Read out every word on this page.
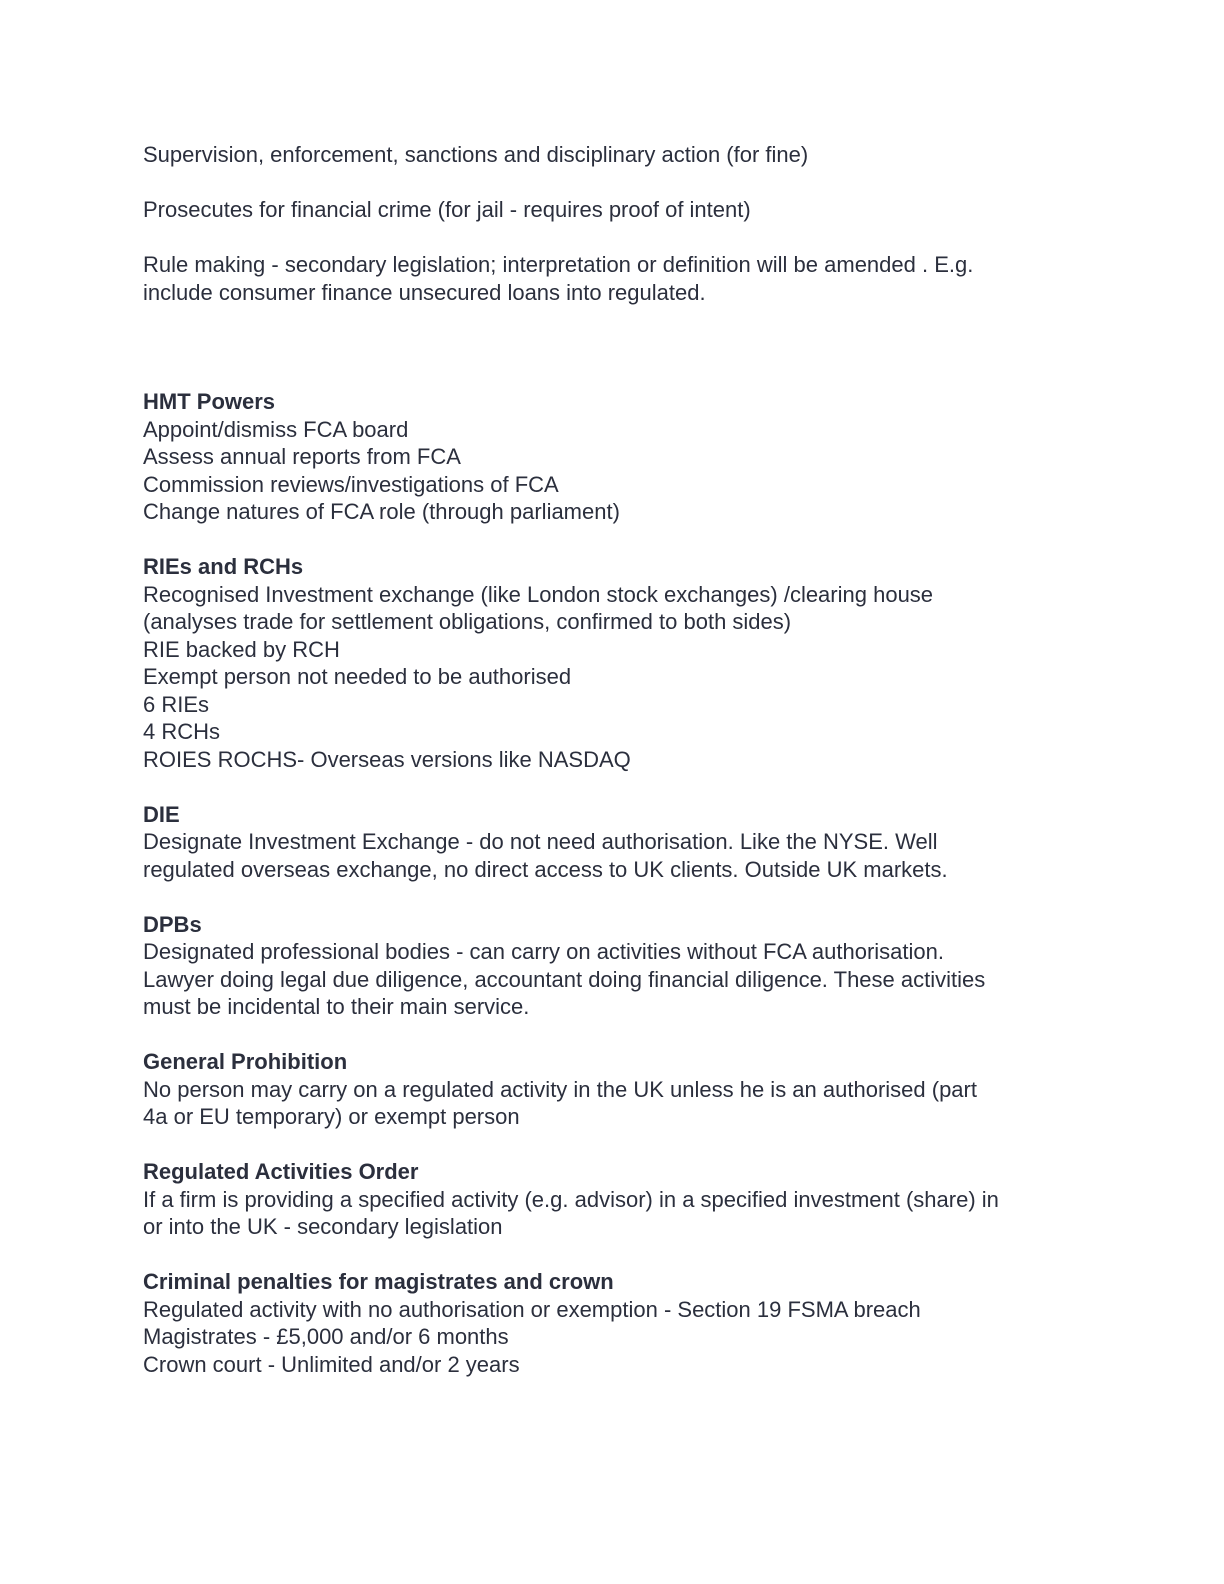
Supervision, enforcement, sanctions and disciplinary action (for fine)

Prosecutes for financial crime (for jail - requires proof of intent)

Rule making - secondary legislation; interpretation or definition will be amended . E.g.
include consumer finance unsecured loans into regulated.

HMT Powers
Appoint/dismiss FCA board
Assess annual reports from FCA
Commission reviews/investigations of FCA
Change natures of FCA role (through parliament)
RIEs and RCHs
Recognised Investment exchange (like London stock exchanges) /clearing house
(analyses trade for settlement obligations, confirmed to both sides)
RIE backed by RCH
Exempt person not needed to be authorised
6 RIEs
4 RCHs
ROIES ROCHS- Overseas versions like NASDAQ
DIE
Designate Investment Exchange - do not need authorisation. Like the NYSE. Well
regulated overseas exchange, no direct access to UK clients. Outside UK markets.
DPBs
Designated professional bodies - can carry on activities without FCA authorisation.
Lawyer doing legal due diligence, accountant doing financial diligence. These activities
must be incidental to their main service.
General Prohibition
No person may carry on a regulated activity in the UK unless he is an authorised (part
4a or EU temporary) or exempt person
Regulated Activities Order
If a firm is providing a specified activity (e.g. advisor) in a specified investment (share) in
or into the UK - secondary legislation
Criminal penalties for magistrates and crown
Regulated activity with no authorisation or exemption - Section 19 FSMA breach
Magistrates - £5,000 and/or 6 months
Crown court - Unlimited and/or 2 years
